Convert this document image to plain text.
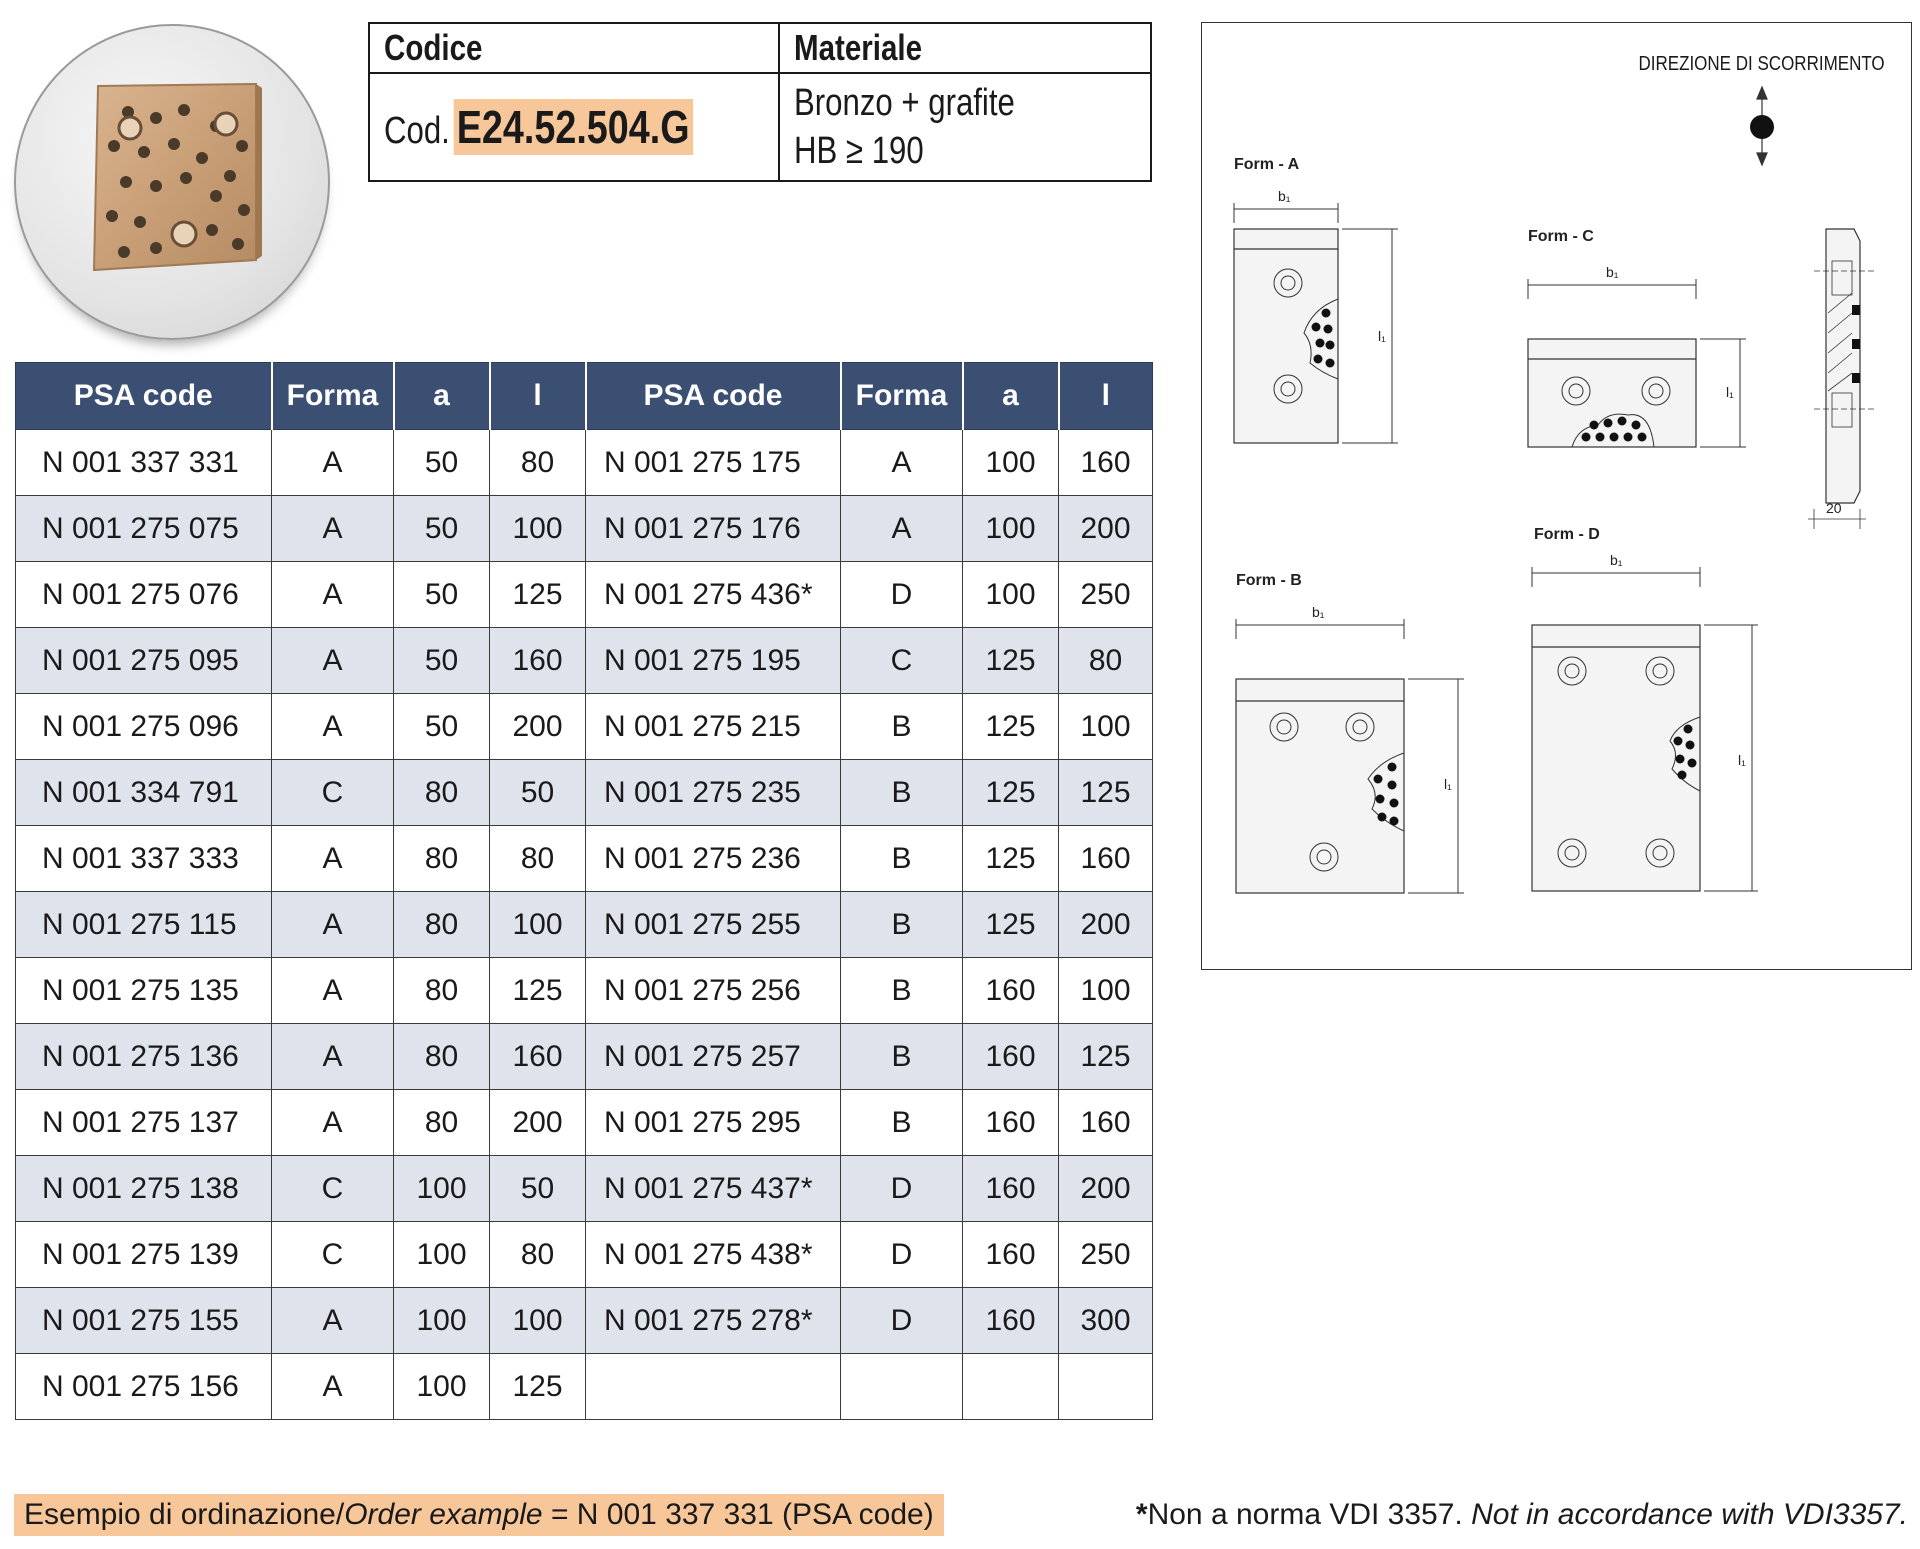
Codice	Materiale
Cod. E24.52.504.G	Bronzo + grafite
HB ≥ 190
PSA code	Forma	a	l	PSA code	Forma	a	l
N 001 337 331	A	50	80	N 001 275 175	A	100	160
N 001 275 075	A	50	100	N 001 275 176	A	100	200
N 001 275 076	A	50	125	N 001 275 436*	D	100	250
N 001 275 095	A	50	160	N 001 275 195	C	125	80
N 001 275 096	A	50	200	N 001 275 215	B	125	100
N 001 334 791	C	80	50	N 001 275 235	B	125	125
N 001 337 333	A	80	80	N 001 275 236	B	125	160
N 001 275 115	A	80	100	N 001 275 255	B	125	200
N 001 275 135	A	80	125	N 001 275 256	B	160	100
N 001 275 136	A	80	160	N 001 275 257	B	160	125
N 001 275 137	A	80	200	N 001 275 295	B	160	160
N 001 275 138	C	100	50	N 001 275 437*	D	160	200
N 001 275 139	C	100	80	N 001 275 438*	D	160	250
N 001 275 155	A	100	100	N 001 275 278*	D	160	300
N 001 275 156	A	100	125				
Form - A
b₁
l₁
Form - C
b₁
l₁
20
Form - B
b₁
l₁
Form - D
b₁
l₁
DIREZIONE DI SCORRIMENTO
Esempio di ordinazione/Order example = N 001 337 331 (PSA code)	*Non a norma VDI 3357. Not in accordance with VDI3357.
